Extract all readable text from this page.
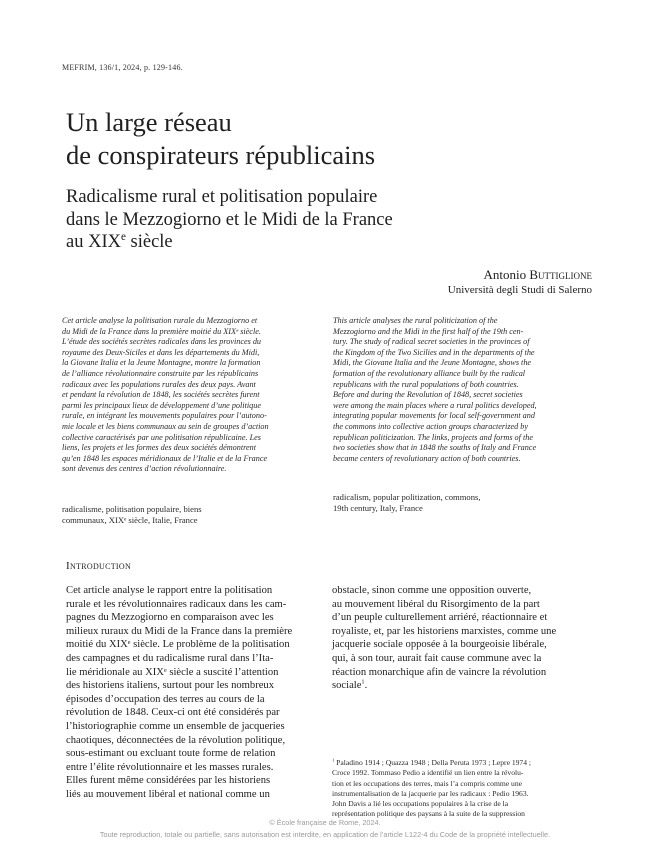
MEFRIM, 136/1, 2024, p. 129-146.
Un large réseau
de conspirateurs républicains
Radicalisme rural et politisation populaire
dans le Mezzogiorno et le Midi de la France
au XIXe siècle
Antonio Buttiglione
Università degli Studi di Salerno
Cet article analyse la politisation rurale du Mezzogiorno et
du Midi de la France dans la première moitié du XIXᵉ siècle.
L’étude des sociétés secrètes radicales dans les provinces du
royaume des Deux-Siciles et dans les départements du Midi,
la Giovane Italia et la Jeune Montagne, montre la formation
de l’alliance révolutionnaire construite par les républicains
radicaux avec les populations rurales des deux pays. Avant
et pendant la révolution de 1848, les sociétés secrètes furent
parmi les principaux lieux de développement d’une politique
rurale, en intégrant les mouvements populaires pour l’autono-
mie locale et les biens communaux au sein de groupes d’action
collective caractérisés par une politisation républicaine. Les
liens, les projets et les formes des deux sociétés démontrent
qu’en 1848 les espaces méridionaux de l’Italie et de la France
sont devenus des centres d’action révolutionnaire.
radicalisme, politisation populaire, biens
communaux, XIXᵉ siècle, Italie, France
This article analyses the rural politicization of the
Mezzogiorno and the Midi in the first half of the 19th cen-
tury. The study of radical secret societies in the provinces of
the Kingdom of the Two Sicilies and in the departments of the
Midi, the Giovane Italia and the Jeune Montagne, shows the
formation of the revolutionary alliance built by the radical
republicans with the rural populations of both countries.
Before and during the Revolution of 1848, secret societies
were among the main places where a rural politics developed,
integrating popular movements for local self-government and
the commons into collective action groups characterized by
republican politicization. The links, projects and forms of the
two societies show that in 1848 the souths of Italy and France
became centers of revolutionary action of both countries.
radicalism, popular politization, commons,
19th century, Italy, France
Introduction
Cet article analyse le rapport entre la politisation
rurale et les révolutionnaires radicaux dans les cam-
pagnes du Mezzogiorno en comparaison avec les
milieux ruraux du Midi de la France dans la première
moitié du XIXᵉ siècle. Le problème de la politisation
des campagnes et du radicalisme rural dans l’Ita-
lie méridionale au XIXᵉ siècle a suscité l’attention
des historiens italiens, surtout pour les nombreux
épisodes d’occupation des terres au cours de la
révolution de 1848. Ceux-ci ont été considérés par
l’historiographie comme un ensemble de jacqueries
chaotiques, déconnectées de la révolution politique,
sous-estimant ou excluant toute forme de relation
entre l’élite révolutionnaire et les masses rurales.
Elles furent même considérées par les historiens
liés au mouvement libéral et national comme un
obstacle, sinon comme une opposition ouverte,
au mouvement libéral du Risorgimento de la part
d’un peuple culturellement arriéré, réactionnaire et
royaliste, et, par les historiens marxistes, comme une
jacquerie sociale opposée à la bourgeoisie libérale,
qui, à son tour, aurait fait cause commune avec la
réaction monarchique afin de vaincre la révolution
sociale$^1$.
$^1$ Paladino 1914 ; Quazza 1948 ; Della Peruta 1973 ; Lepre 1974 ;
Croce 1992. Tommaso Pedio a identifié un lien entre la révolu-
tion et les occupations des terres, mais l’a compris comme une
instrumentalisation de la jacquerie par les radicaux : Pedio 1963.
John Davis a lié les occupations populaires à la crise de la
représentation politique des paysans à la suite de la suppression
© École française de Rome, 2024.
Toute reproduction, totale ou partielle, sans autorisation est interdite, en application de l’article L122-4 du Code de la propriété intellectuelle.
